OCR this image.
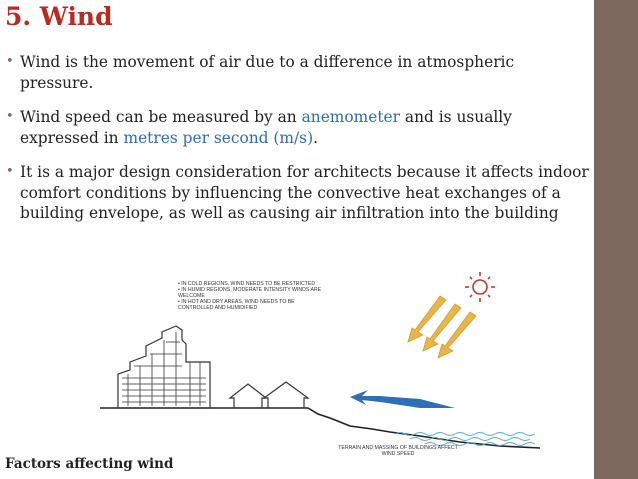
5. Wind
• Wind is the movement of air due to a difference in atmospheric pressure.
• Wind speed can be measured by an anemometer and is usually expressed in metres per second (m/s).
• It is a major design consideration for architects because it affects indoor comfort conditions by influencing the convective heat exchanges of a building envelope, as well as causing air infiltration into the building
• IN COLD REGIONS, WIND NEEDS TO BE RESTRICTED
• IN HUMID REGIONS, MODERATE INTENSITY WINDS ARE WELCOME
• IN HOT AND DRY AREAS, WIND NEEDS TO BE CONTROLLED AND HUMIDIFIED
TERRAIN AND MASSING OF BUILDINGS AFFECT WIND SPEED
Factors affecting wind
